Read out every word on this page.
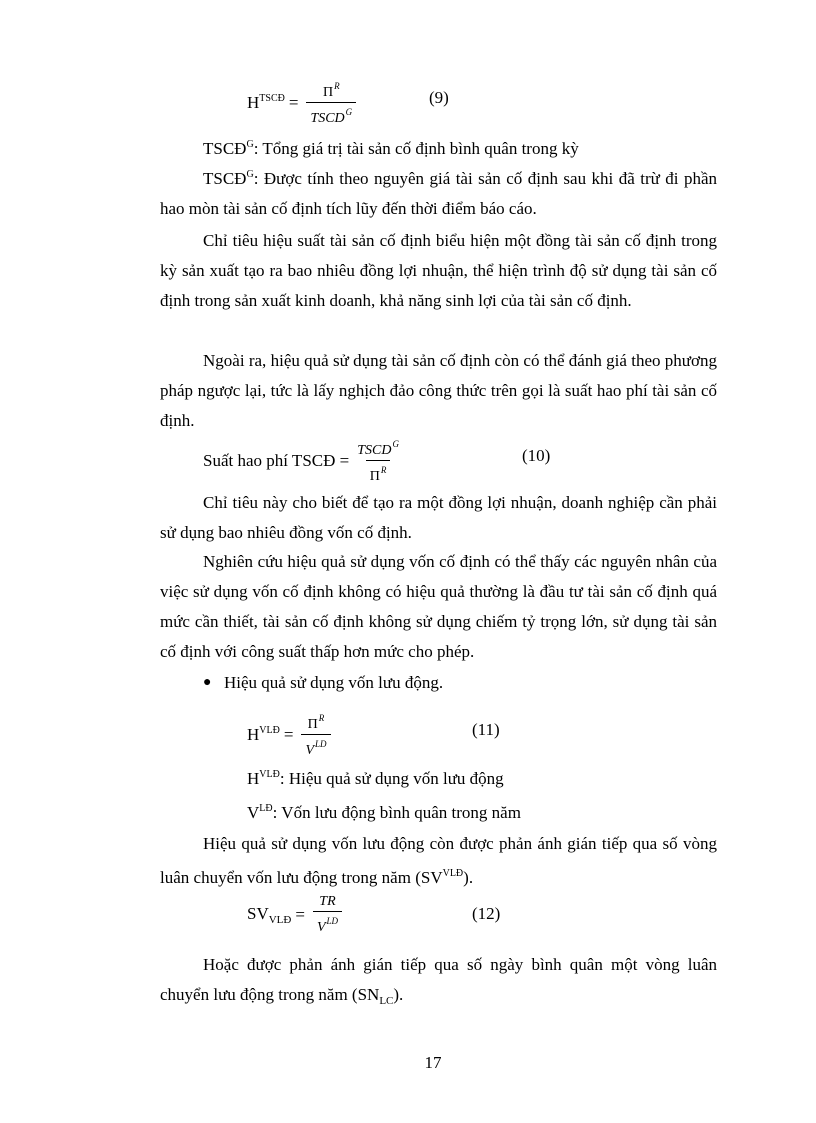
$H^{TSCĐ} = \frac{\Pi^R}{TSCD^G}$	(9)
$TSCĐ^G$: Tổng giá trị tài sản cố định bình quân trong kỳ

$TSCĐ^G$: Được tính theo nguyên giá tài sản cố định sau khi đã trừ đi phần hao mòn tài sản cố định tích lũy đến thời điểm báo cáo.

Chỉ tiêu hiệu suất tài sản cố định biểu hiện một đồng tài sản cố định trong kỳ sản xuất tạo ra bao nhiêu đồng lợi nhuận, thể hiện trình độ sử dụng tài sản cố định trong sản xuất kinh doanh, khả năng sinh lợi của tài sản cố định.

Ngoài ra, hiệu quả sử dụng tài sản cố định còn có thể đánh giá theo phương pháp ngược lại, tức là lấy nghịch đảo công thức trên gọi là suất hao phí tài sản cố định.

Suất hao phí TSCĐ = $\frac{TSCD^G}{\Pi^R}$	(10)

Chỉ tiêu này cho biết để tạo ra một đồng lợi nhuận, doanh nghiệp cần phải sử dụng bao nhiêu đồng vốn cố định.

Nghiên cứu hiệu quả sử dụng vốn cố định có thể thấy các nguyên nhân của việc sử dụng vốn cố định không có hiệu quả thường là đầu tư tài sản cố định quá mức cần thiết, tài sản cố định không sử dụng chiếm tỷ trọng lớn, sử dụng tài sản cố định với công suất thấp hơn mức cho phép.

● Hiệu quả sử dụng vốn lưu động.
$H^{VLĐ} = \frac{\Pi^R}{V^{LD}}$	(11)
$H^{VLĐ}$: Hiệu quả sử dụng vốn lưu động
$V^{LĐ}$: Vốn lưu động bình quân trong năm

Hiệu quả sử dụng vốn lưu động còn được phản ánh gián tiếp qua số vòng luân chuyển vốn lưu động trong năm $(SV^{VLĐ})$.

$SV_{VLĐ} = \frac{TR}{V^{LD}}$	(12)

Hoặc được phản ánh gián tiếp qua số ngày bình quân một vòng luân chuyển lưu động trong năm $(SN_{LC})$.

17
